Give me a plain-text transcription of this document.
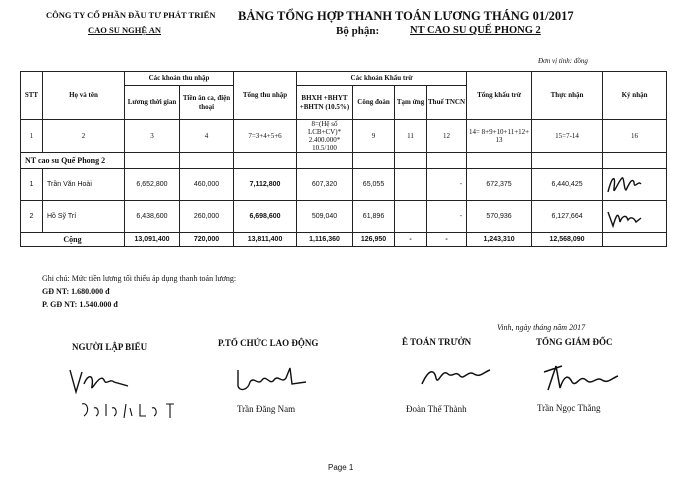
CÔNG TY CỔ PHẦN ĐẦU TƯ PHÁT TRIỂN
CAO SU NGHỆ AN
BẢNG TỔNG HỢP THANH TOÁN LƯƠNG THÁNG 01/2017
Bộ phận:	NT CAO SU QUẾ PHONG 2
Đơn vị tính: đồng
STT	Họ và tên	Các khoản thu nhập		Tổng thu nhập	Các khoản Khấu trừ				Tổng khấu trừ	Thực nhận	Ký nhận
		Lương thời gian	Tiền ăn ca, điện thoại		BHXH +BHYT +BHTN (10.5%)	Công đoàn	Tạm ứng	Thuế TNCN			
1	2	3	4	7=3+4+5+6	8=(Hệ số LCB+CV)* 2.400.000* 10.5/100	9	11	12	14= 8+9+10+11+12+ 13	15=7-14	16
NT cao su Quế Phong 2											
1	Trần Văn Hoài	6,652,800	460,000	7,112,800	607,320	65,055		-	672,375	6,440,425	

2	Hồ Sỹ Trí	6,438,600	260,000	6,698,600	509,040	61,896		-	570,936	6,127,664	

Cộng		13,091,400	720,000	13,811,400	1,116,360	126,950	-	-	1,243,310	12,568,090	
Ghi chú: Mức tiền lương tối thiểu áp dụng thanh toán lương:
GĐ NT: 1.680.000 đ
P. GĐ NT: 1.540.000 đ
Vinh, ngày tháng năm 2017
NGƯỜI LẬP BIỂU	P.TỔ CHỨC LAO ĐỘNG	Ê TOÁN TRƯỞN	TỔNG GIÁM ĐỐC
Trần Đăng Nam	Đoàn Thế Thành	Trần Ngọc Thắng
Page 1
